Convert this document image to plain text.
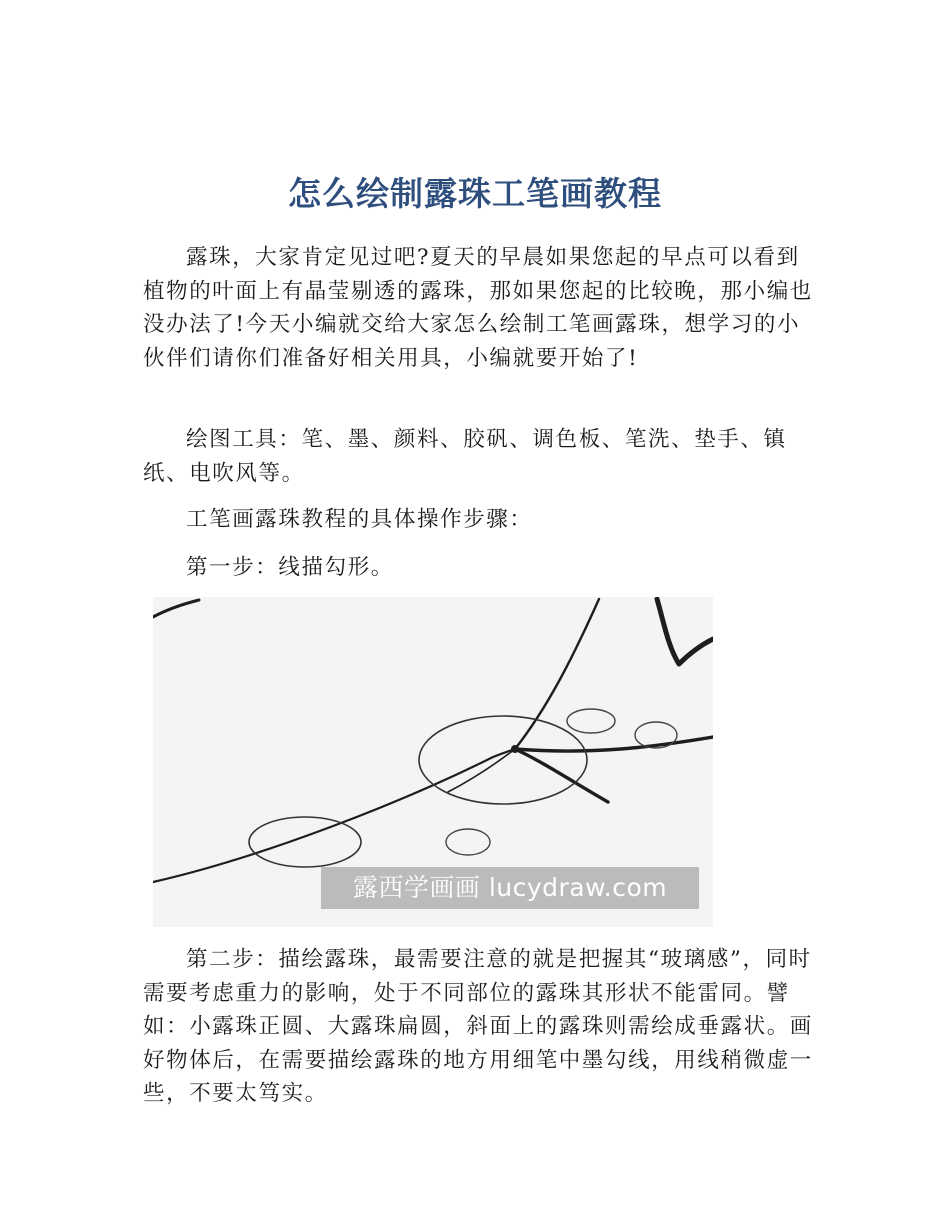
怎么绘制露珠工笔画教程

露珠，大家肯定见过吧?夏天的早晨如果您起的早点可以看到植物的叶面上有晶莹剔透的露珠，那如果您起的比较晚，那小编也没办法了!今天小编就交给大家怎么绘制工笔画露珠，想学习的小伙伴们请你们准备好相关用具，小编就要开始了!

绘图工具：笔、墨、颜料、胶矾、调色板、笔洗、垫手、镇纸、电吹风等。

工笔画露珠教程的具体操作步骤：

第一步：线描勾形。

露西学画画 lucydraw.com

第二步：描绘露珠，最需要注意的就是把握其“玻璃感”，同时需要考虑重力的影响，处于不同部位的露珠其形状不能雷同。譬如：小露珠正圆、大露珠扁圆，斜面上的露珠则需绘成垂露状。画好物体后，在需要描绘露珠的地方用细笔中墨勾线，用线稍微虚一些，不要太笃实。
